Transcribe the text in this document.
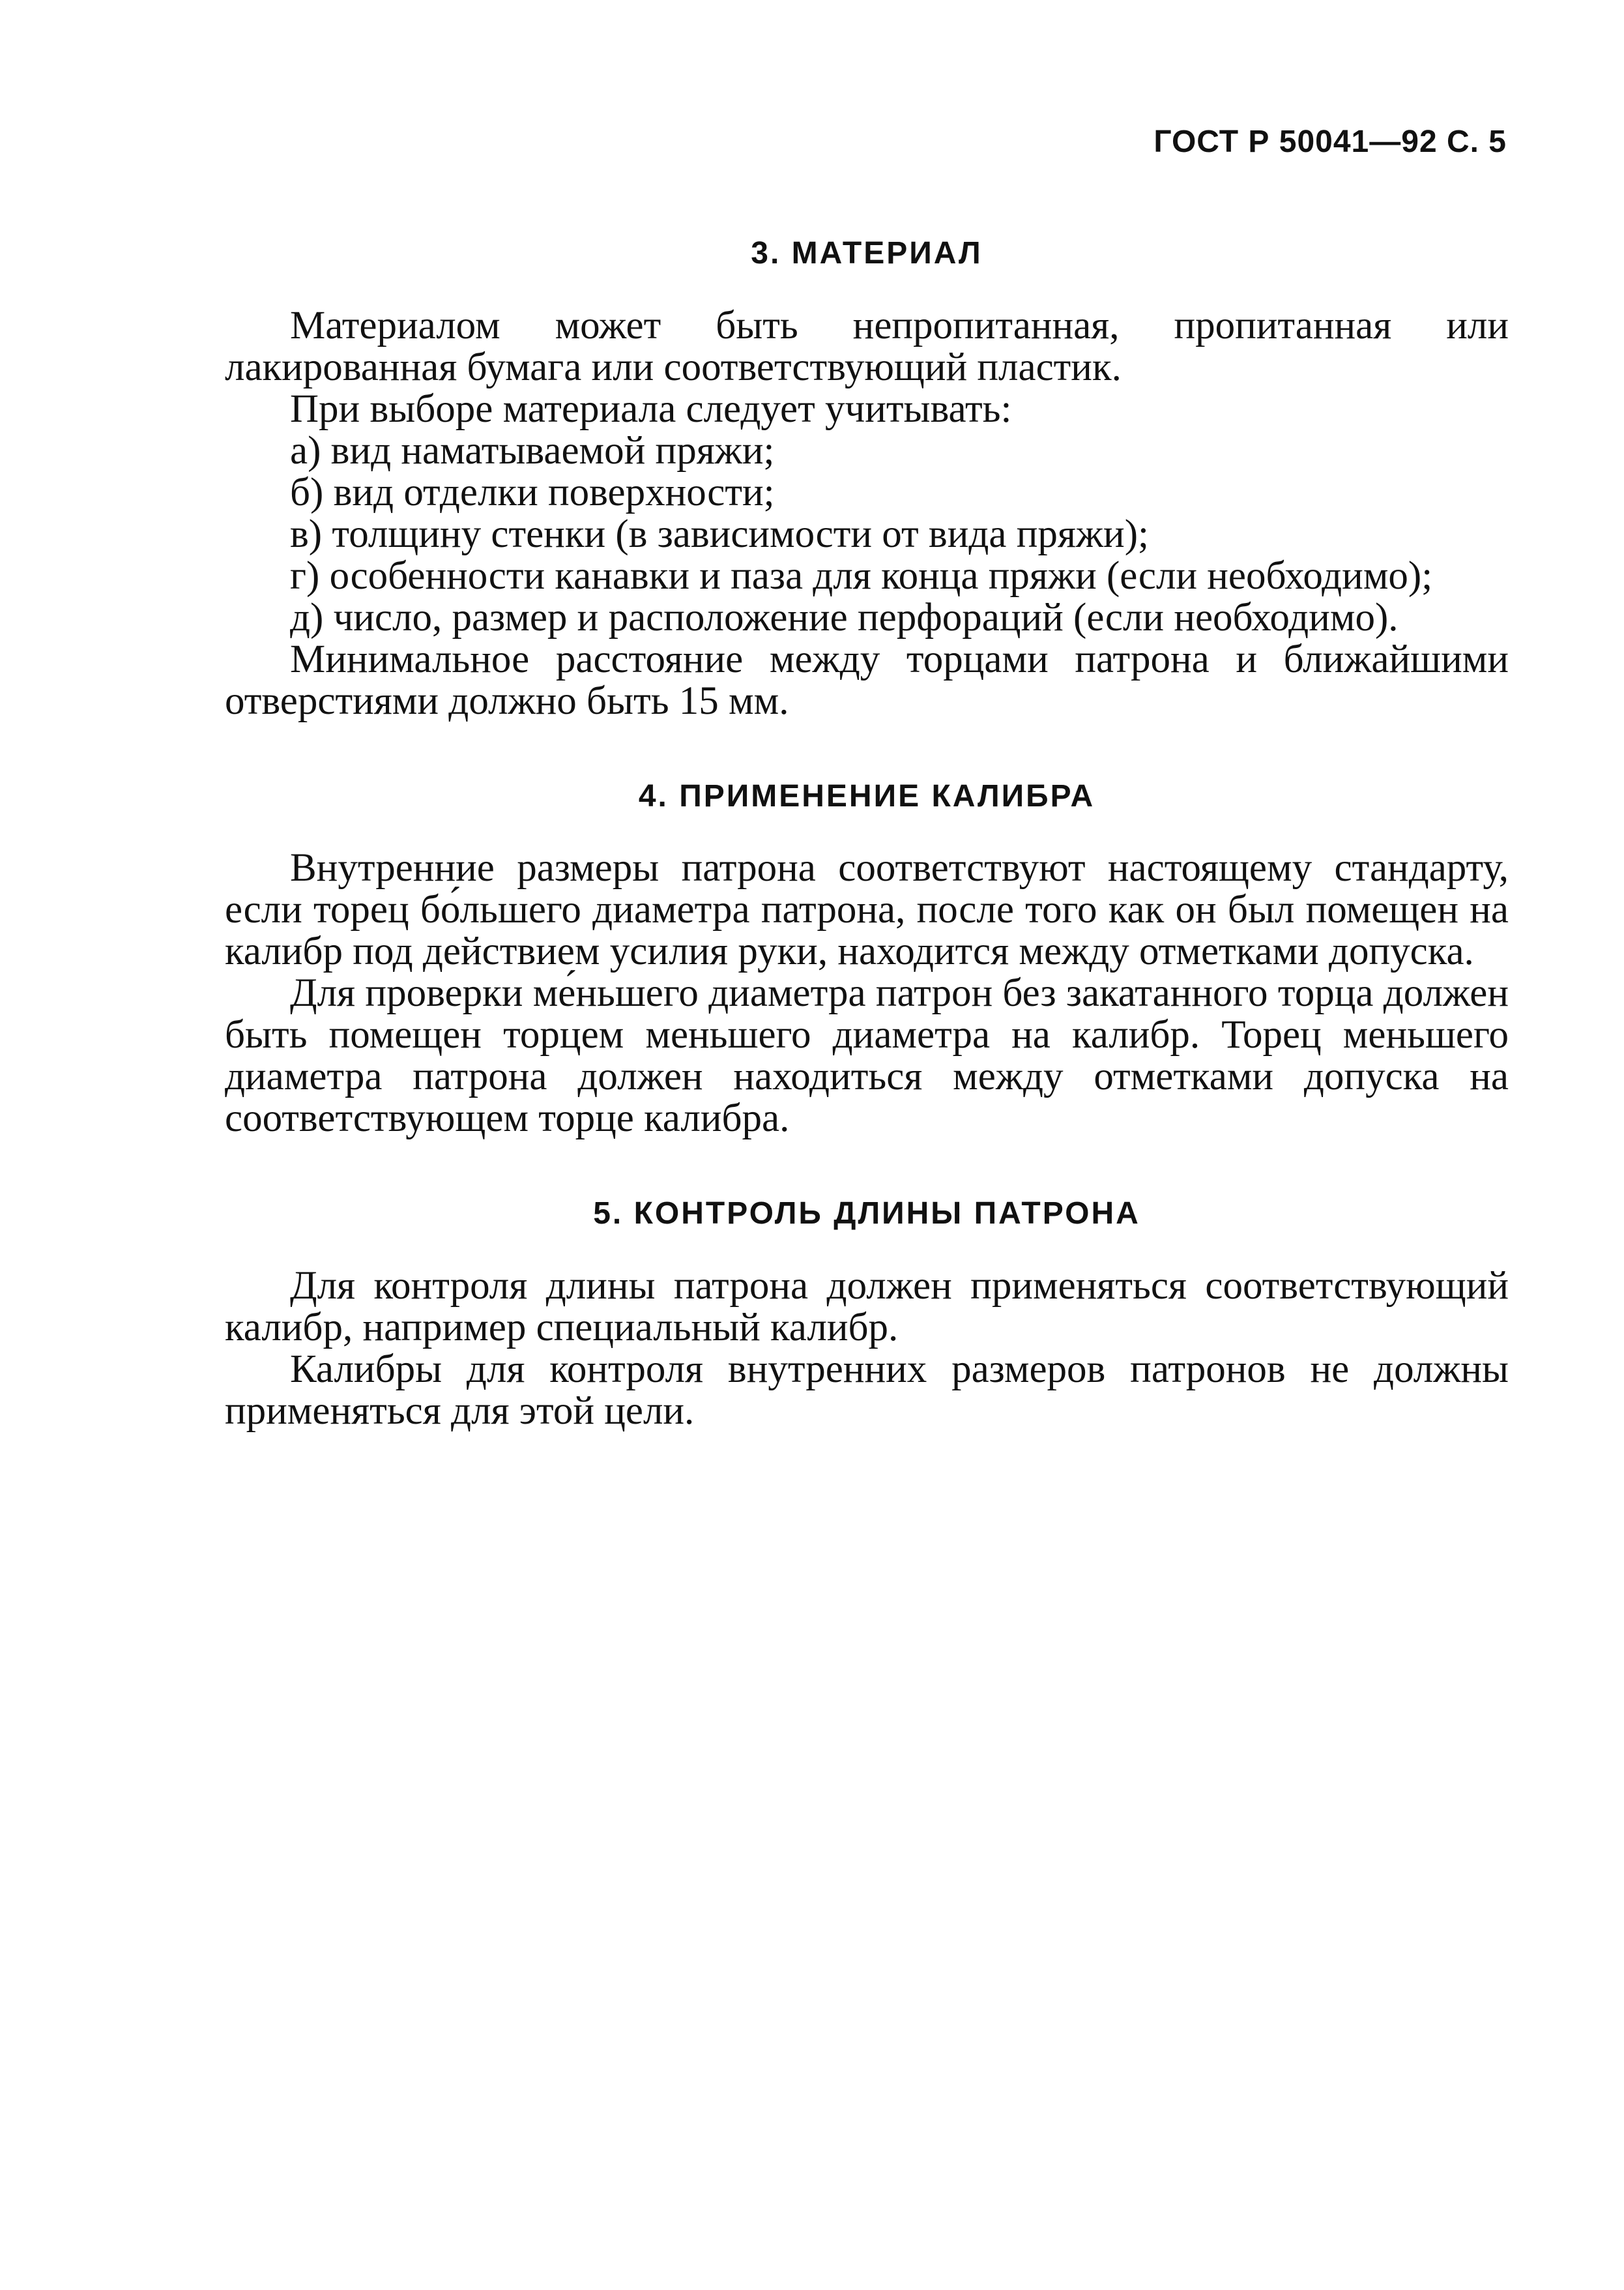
ГОСТ Р 50041—92 С. 5
3. МАТЕРИАЛ

Материалом может быть непропитанная, пропитанная или лакированная бумага или соответствующий пластик.

При выборе материала следует учитывать:

а) вид наматываемой пряжи;

б) вид отделки поверхности;

в) толщину стенки (в зависимости от вида пряжи);

г) особенности канавки и паза для конца пряжи (если необходимо);

д) число, размер и расположение перфораций (если необходимо).

Минимальное расстояние между торцами патрона и ближайшими отверстиями должно быть 15 мм.

4. ПРИМЕНЕНИЕ КАЛИБРА

Внутренние размеры патрона соответствуют настоящему стандарту, если торец бо́льшего диаметра патрона, после того как он был помещен на калибр под действием усилия руки, находится между отметками допуска.

Для проверки ме́ньшего диаметра патрон без закатанного торца должен быть помещен торцем меньшего диаметра на калибр. Торец меньшего диаметра патрона должен находиться между отметками допуска на соответствующем торце калибра.

5. КОНТРОЛЬ ДЛИНЫ ПАТРОНА

Для контроля длины патрона должен применяться соответствующий калибр, например специальный калибр.

Калибры для контроля внутренних размеров патронов не должны применяться для этой цели.
